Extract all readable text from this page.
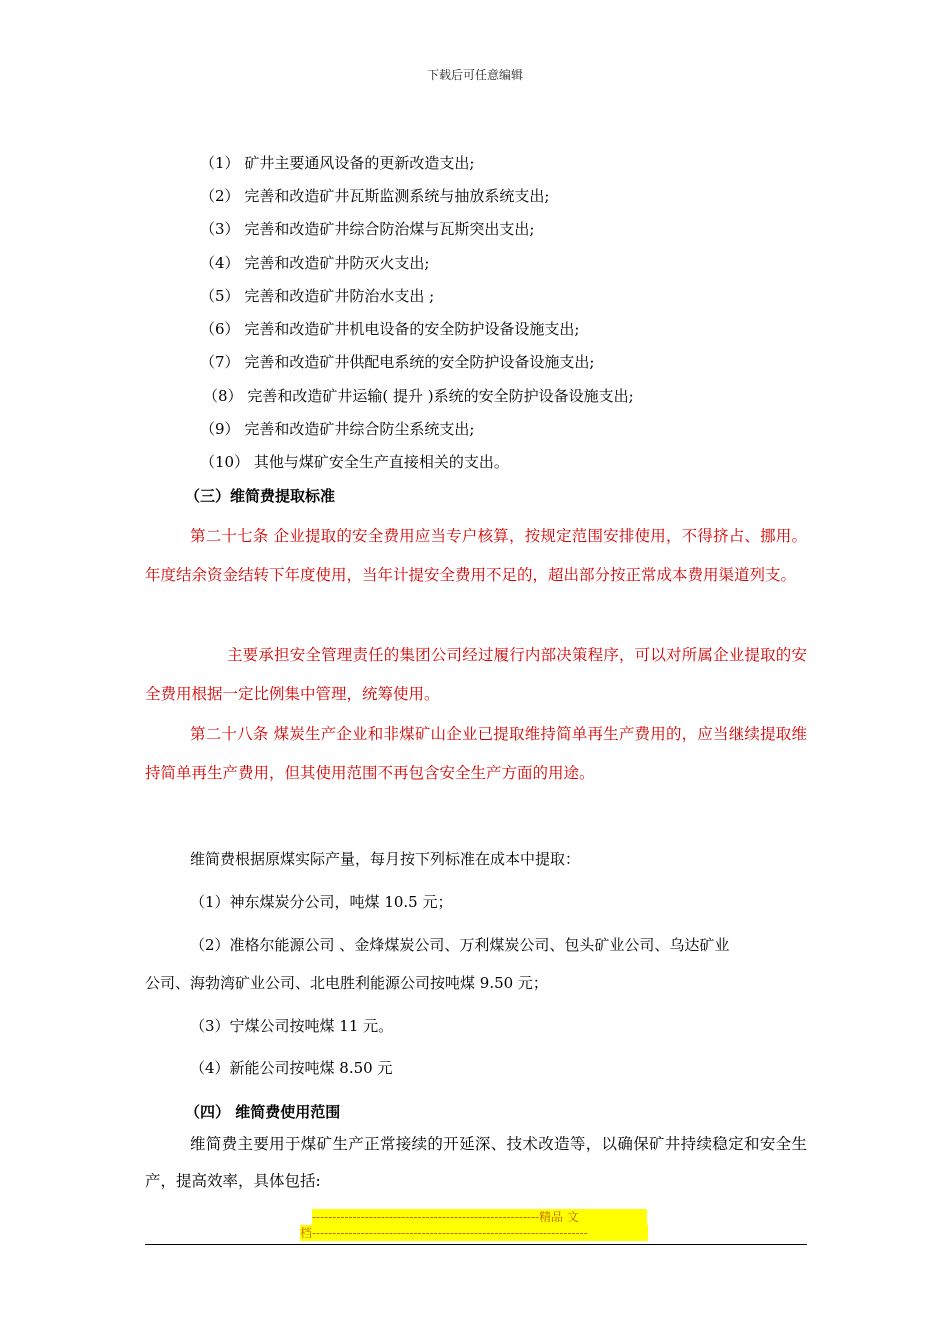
下载后可任意编辑
（1） 矿井主要通风设备的更新改造支出;
（2） 完善和改造矿井瓦斯监测系统与抽放系统支出;
（3） 完善和改造矿井综合防治煤与瓦斯突出支出;
（4） 完善和改造矿井防灭火支出;
（5） 完善和改造矿井防治水支出 ;
（6） 完善和改造矿井机电设备的安全防护设备设施支出;
（7） 完善和改造矿井供配电系统的安全防护设备设施支出;
（8） 完善和改造矿井运输( 提升 )系统的安全防护设备设施支出;
（9） 完善和改造矿井综合防尘系统支出;
（10） 其他与煤矿安全生产直接相关的支出。
（三）维简费提取标准
第二十七条 企业提取的安全费用应当专户核算，按规定范围安排使用，不得挤占、挪用。年度结余资金结转下年度使用，当年计提安全费用不足的，超出部分按正常成本费用渠道列支。
主要承担安全管理责任的集团公司经过履行内部决策程序，可以对所属企业提取的安全费用根据一定比例集中管理，统筹使用。
第二十八条 煤炭生产企业和非煤矿山企业已提取维持简单再生产费用的，应当继续提取维持简单再生产费用，但其使用范围不再包含安全生产方面的用途。
维简费根据原煤实际产量，每月按下列标准在成本中提取：
（1）神东煤炭分公司，吨煤 10.5 元；
（2）准格尔能源公司 、金烽煤炭公司、万利煤炭公司、包头矿业公司、乌达矿业
公司、海勃湾矿业公司、北电胜利能源公司按吨煤 9.50 元；
（3）宁煤公司按吨煤 11 元。
（4）新能公司按吨煤 8.50 元
（四） 维简费使用范围
维简费主要用于煤矿生产正常接续的开延深、技术改造等，以确保矿井持续稳定和安全生产，提高效率，具体包括:
--------------------------------------------------------精品 文
档--------------------------------------------------------------------
